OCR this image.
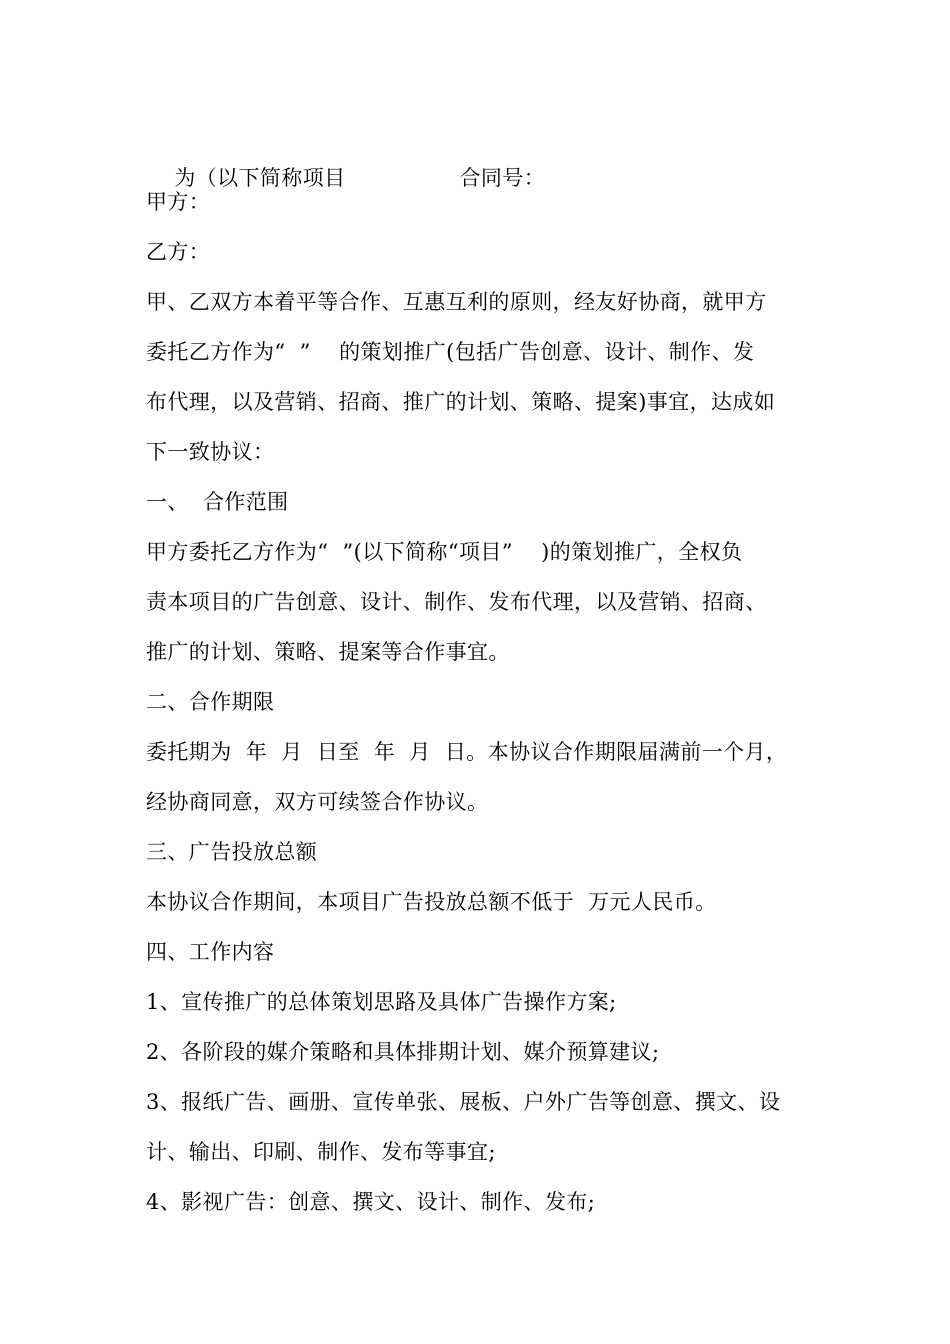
为（以下简称项目	合同号：

甲方：
乙方：
甲、乙双方本着平等合作、互惠互利的原则，经友好协商，就甲方
委托乙方作为“  ”    的策划推广(包括广告创意、设计、制作、发
布代理，以及营销、招商、推广的计划、策略、提案)事宜，达成如
下一致协议：
一、  合作范围
甲方委托乙方作为“  ”(以下简称“项目”    )的策划推广，全权负
责本项目的广告创意、设计、制作、发布代理，以及营销、招商、
推广的计划、策略、提案等合作事宜。
二、合作期限
委托期为  年  月  日至  年  月  日。本协议合作期限届满前一个月，
经协商同意，双方可续签合作协议。
三、广告投放总额
本协议合作期间，本项目广告投放总额不低于  万元人民币。
四、工作内容
1、宣传推广的总体策划思路及具体广告操作方案;
2、各阶段的媒介策略和具体排期计划、媒介预算建议;
3、报纸广告、画册、宣传单张、展板、户外广告等创意、撰文、设
计、输出、印刷、制作、发布等事宜;
4、影视广告：创意、撰文、设计、制作、发布;
